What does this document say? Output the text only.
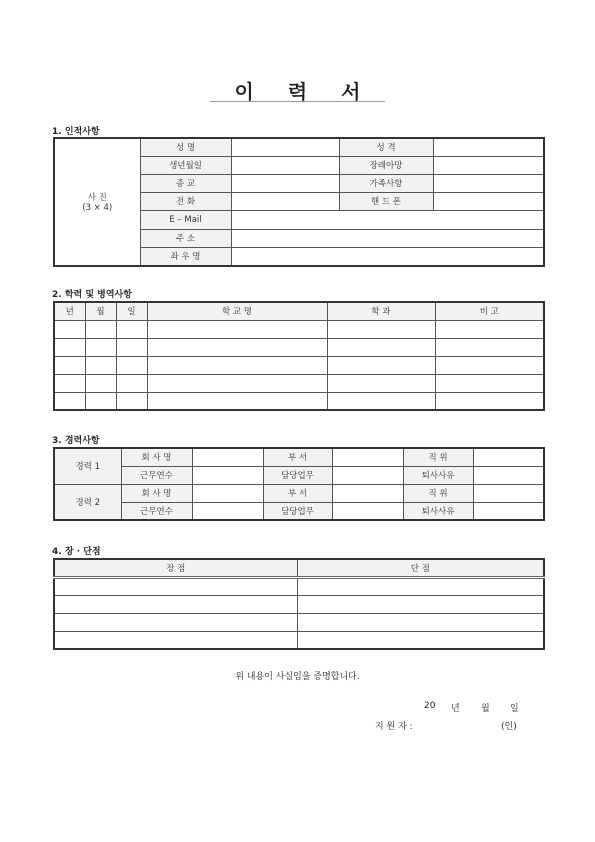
이 력 서
1. 인적사항
사 진
(3 × 4)	성 명		성 격	
	생년월일		장래아망	
	종 교		가족사항	
	전 화		핸 드 폰	
	E – Mail			
	주 소			
	좌 우 명			
2. 학력 및 병역사항
년	월	일	학 교 명	학 과	비 고

3. 경력사항
경력 1	회 사 명		부 서		직 위	
	근무연수		담당업무		퇴사사유	
경력 2	회 사 명		부 서		직 위	
	근무연수		담당업무		퇴사사유	
4. 장 · 단점
장 점	단 점

위 내용이 사실임을 증명합니다.
20 년 월 일
지 원 자 :	(인)
